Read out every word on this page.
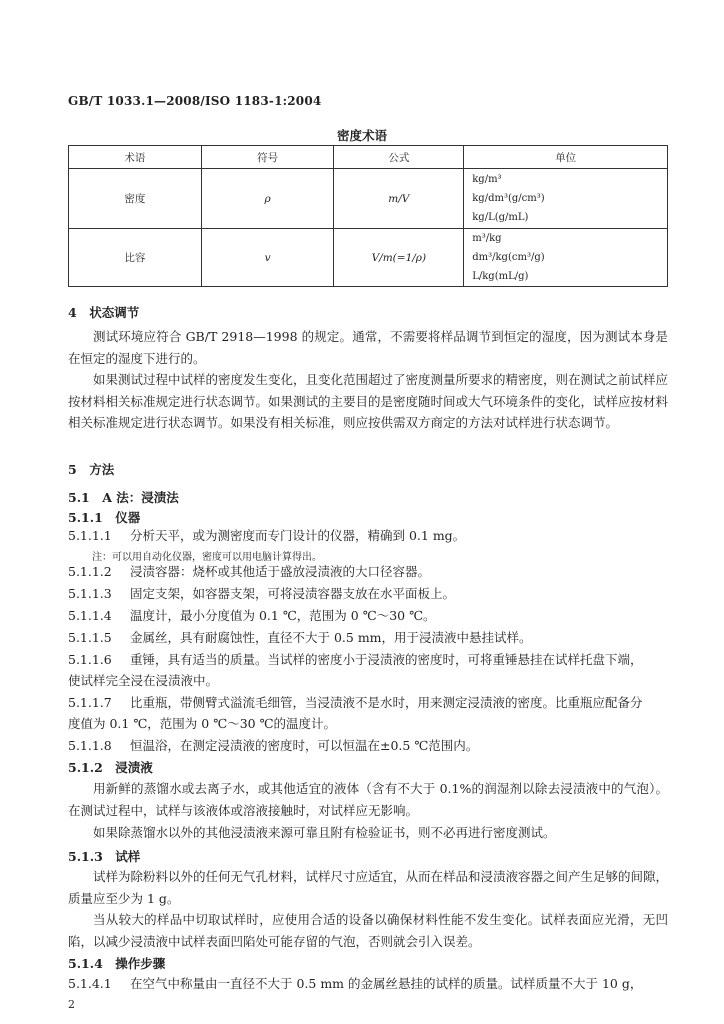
GB/T 1033.1—2008/ISO 1183-1:2004
密度术语
术语	符号	公式	单位
密度	ρ	m/V	kg/m³
kg/dm³(g/cm³)
kg/L(g/mL)

比容	v	V/m(=1/ρ)	m³/kg
dm³/kg(cm³/g)
L/kg(mL/g)
4　状态调节
测试环境应符合 GB/T 2918—1998 的规定。通常，不需要将样品调节到恒定的湿度，因为测试本身是在恒定的湿度下进行的。
如果测试过程中试样的密度发生变化，且变化范围超过了密度测量所要求的精密度，则在测试之前试样应按材料相关标准规定进行状态调节。如果测试的主要目的是密度随时间或大气环境条件的变化，试样应按材料相关标准规定进行状态调节。如果没有相关标准，则应按供需双方商定的方法对试样进行状态调节。
5　方法
5.1　A 法：浸渍法
5.1.1　仪器
5.1.1.1 分析天平，或为测密度而专门设计的仪器，精确到 0.1 mg。
注：可以用自动化仪器，密度可以用电脑计算得出。
5.1.1.2 浸渍容器：烧杯或其他适于盛放浸渍液的大口径容器。
5.1.1.3 固定支架，如容器支架，可将浸渍容器支放在水平面板上。
5.1.1.4 温度计，最小分度值为 0.1 ℃，范围为 0 ℃～30 ℃。
5.1.1.5 金属丝，具有耐腐蚀性，直径不大于 0.5 mm，用于浸渍液中悬挂试样。
5.1.1.6 重锤，具有适当的质量。当试样的密度小于浸渍液的密度时，可将重锤悬挂在试样托盘下端，
使试样完全浸在浸渍液中。
5.1.1.7 比重瓶，带侧臂式溢流毛细管，当浸渍液不是水时，用来测定浸渍液的密度。比重瓶应配备分
度值为 0.1 ℃，范围为 0 ℃～30 ℃的温度计。
5.1.1.8 恒温浴，在测定浸渍液的密度时，可以恒温在±0.5 ℃范围内。
5.1.2　浸渍液
用新鲜的蒸馏水或去离子水，或其他适宜的液体（含有不大于 0.1%的润湿剂以除去浸渍液中的气泡）。在测试过程中，试样与该液体或溶液接触时，对试样应无影响。
如果除蒸馏水以外的其他浸渍液来源可靠且附有检验证书，则不必再进行密度测试。
5.1.3　试样
试样为除粉料以外的任何无气孔材料，试样尺寸应适宜，从而在样品和浸渍液容器之间产生足够的间隙，质量应至少为 1 g。
当从较大的样品中切取试样时，应使用合适的设备以确保材料性能不发生变化。试样表面应光滑，无凹陷，以减少浸渍液中试样表面凹陷处可能存留的气泡，否则就会引入误差。
5.1.4　操作步骤
5.1.4.1 在空气中称量由一直径不大于 0.5 mm 的金属丝悬挂的试样的质量。试样质量不大于 10 g，
2
